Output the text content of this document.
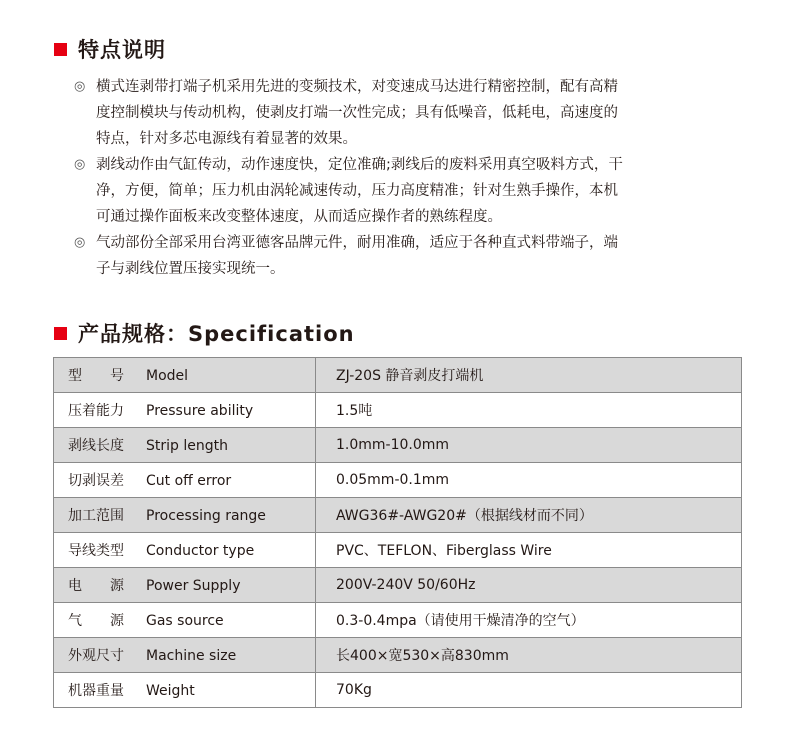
特点说明
◎ 横式连剥带打端子机采用先进的变频技术，对变速成马达进行精密控制，配有高精
度控制模块与传动机构，使剥皮打端一次性完成；具有低噪音，低耗电，高速度的
特点，针对多芯电源线有着显著的效果。
◎ 剥线动作由气缸传动，动作速度快，定位准确;剥线后的废料采用真空吸料方式，干
净，方便，简单；压力机由涡轮减速传动，压力高度精准；针对生熟手操作，本机
可通过操作面板来改变整体速度，从而适应操作者的熟练程度。
◎ 气动部份全部采用台湾亚德客品牌元件，耐用准确，适应于各种直式料带端子，端
子与剥线位置压接实现统一。
产品规格：Specification
型　　号 Model	ZJ-20S 静音剥皮打端机
压着能力 Pressure ability	1.5吨
剥线长度 Strip length	1.0mm-10.0mm
切剥误差 Cut off error	0.05mm-0.1mm
加工范围 Processing range	AWG36#-AWG20#（根据线材而不同）
导线类型 Conductor type	PVC、TEFLON、Fiberglass Wire
电　　源 Power Supply	200V-240V 50/60Hz
气　　源 Gas source	0.3-0.4mpa（请使用干燥清净的空气）
外观尺寸 Machine size	长400×宽530×高830mm
机器重量 Weight	70Kg
